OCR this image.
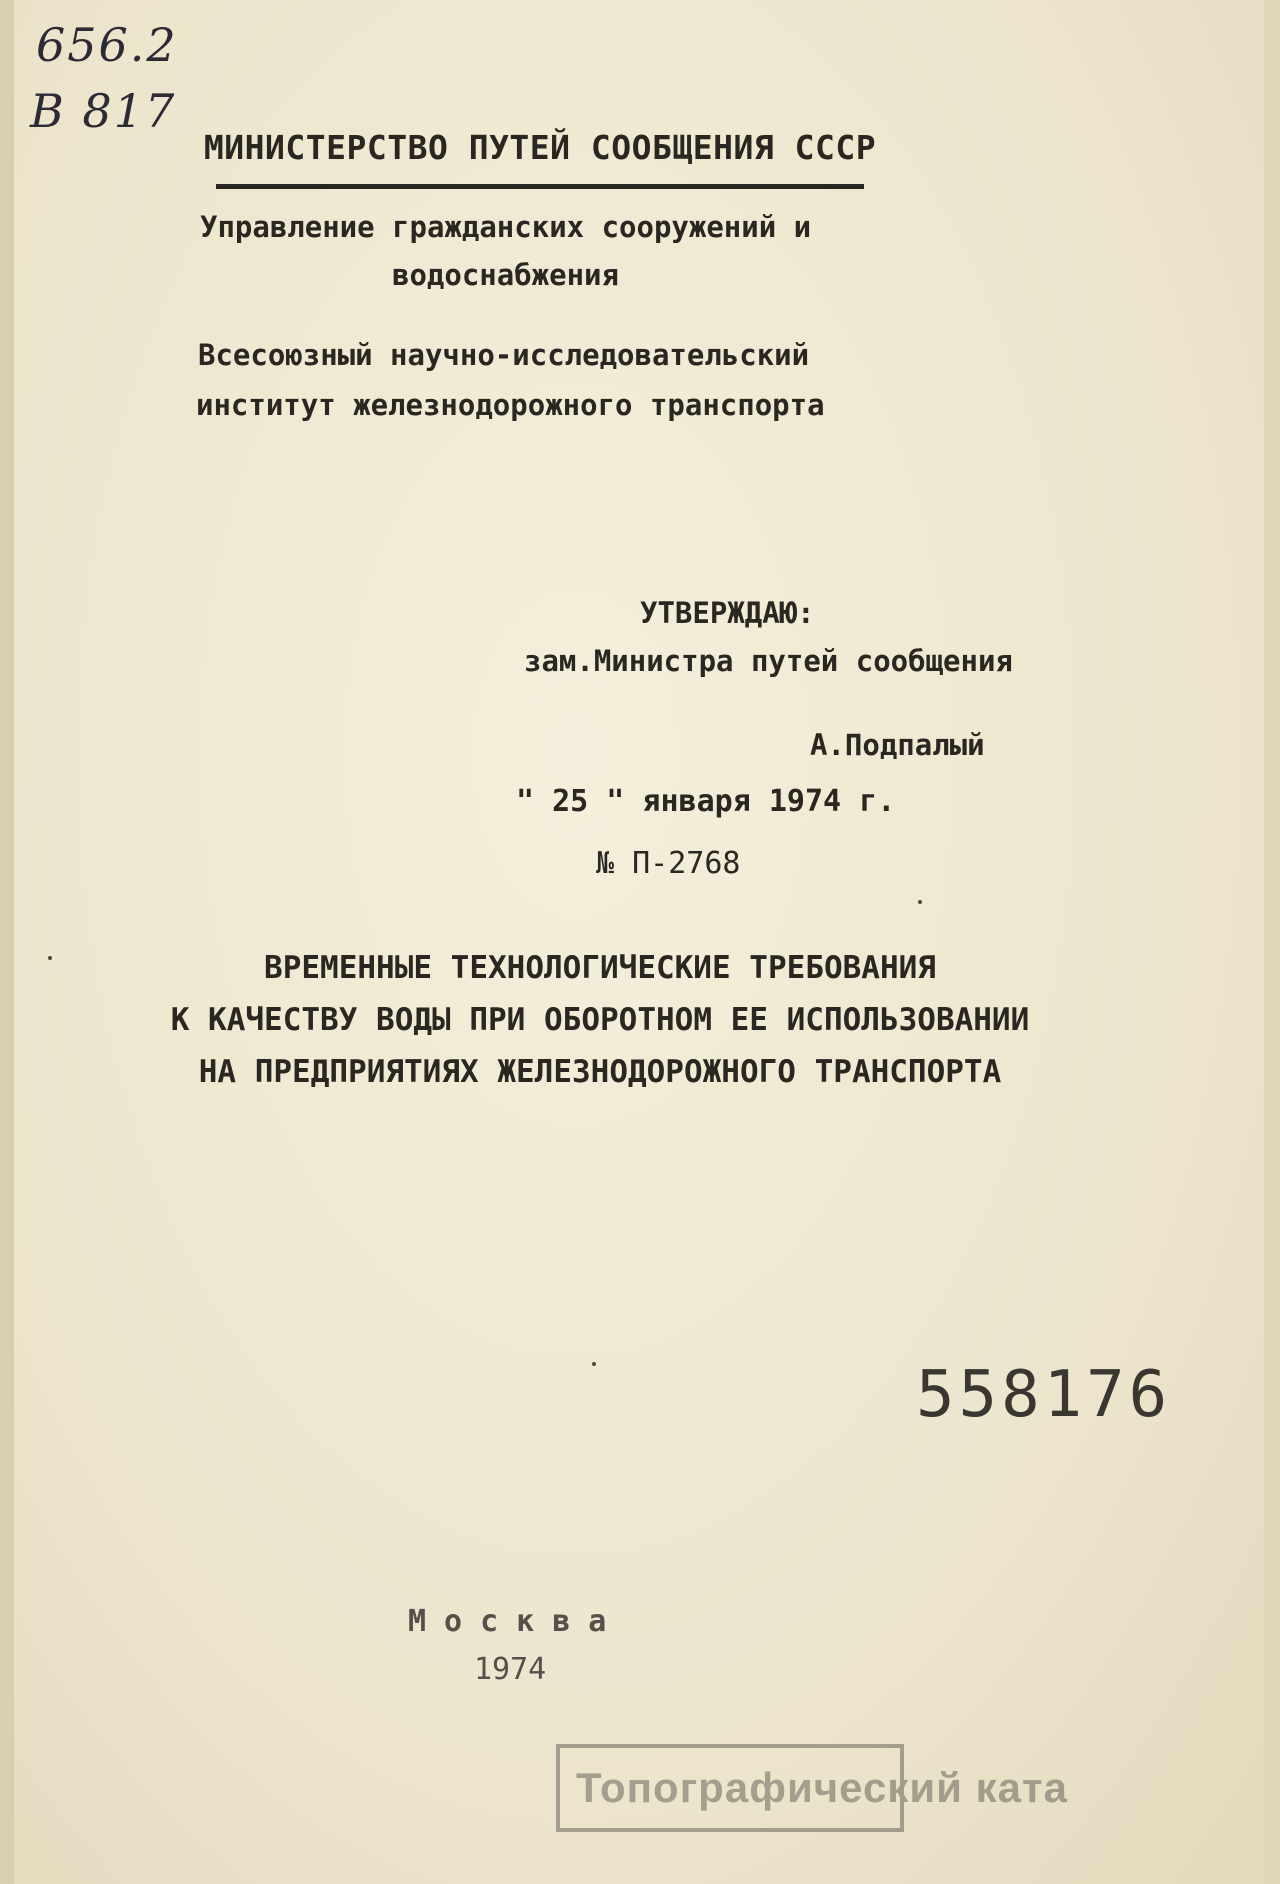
656.2
В 817
МИНИСТЕРСТВО ПУТЕЙ СООБЩЕНИЯ СССР
Управление гражданских сооружений и
водоснабжения
Всесоюзный научно-исследовательский
институт железнодорожного транспорта
УТВЕРЖДАЮ:
зам.Министра путей сообщения
А.Подпалый
" 25 " января 1974 г.
№ П-2768
ВРЕМЕННЫЕ ТЕХНОЛОГИЧЕСКИЕ ТРЕБОВАНИЯ
К КАЧЕСТВУ ВОДЫ ПРИ ОБОРОТНОМ ЕЕ ИСПОЛЬЗОВАНИИ
НА ПРЕДПРИЯТИЯХ ЖЕЛЕЗНОДОРОЖНОГО ТРАНСПОРТА
558176
Москва
1974
Топографический ката
